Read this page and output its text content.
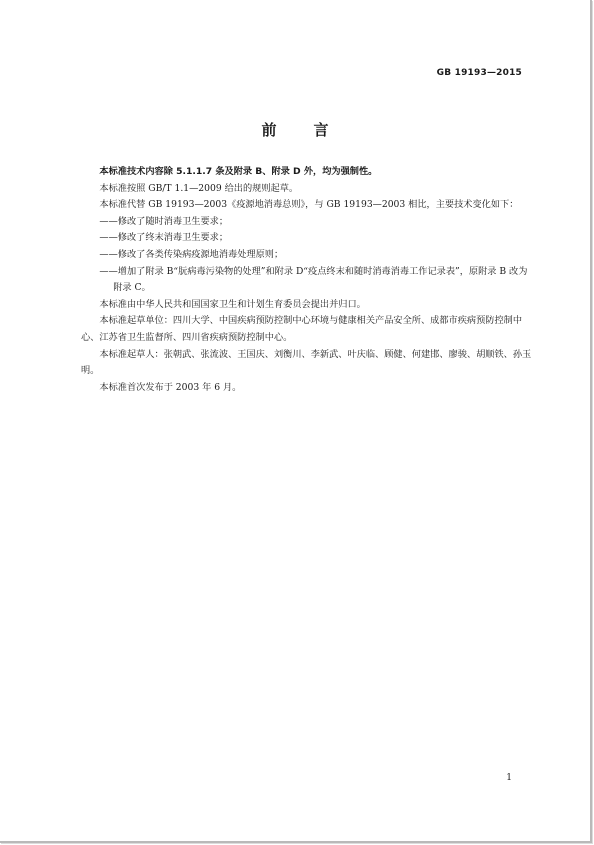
GB 19193—2015
前　言

本标准技术内容除 5.1.1.7 条及附录 B、附录 D 外，均为强制性。

本标准按照 GB/T 1.1—2009 给出的规则起草。

本标准代替 GB 19193—2003《疫源地消毒总则》，与 GB 19193—2003 相比，主要技术变化如下：

——修改了随时消毒卫生要求；

——修改了终末消毒卫生要求；

——修改了各类传染病疫源地消毒处理原则；

——增加了附录 B“朊病毒污染物的处理”和附录 D“疫点终末和随时消毒消毒工作记录表”，原附录 B 改为附录 C。

本标准由中华人民共和国国家卫生和计划生育委员会提出并归口。

本标准起草单位：四川大学、中国疾病预防控制中心环境与健康相关产品安全所、成都市疾病预防控制中心、江苏省卫生监督所、四川省疾病预防控制中心。

本标准起草人：张朝武、张流波、王国庆、刘衡川、李新武、叶庆临、顾健、何建邯、廖骏、胡顺铁、孙玉明。

本标准首次发布于 2003 年 6 月。

1
